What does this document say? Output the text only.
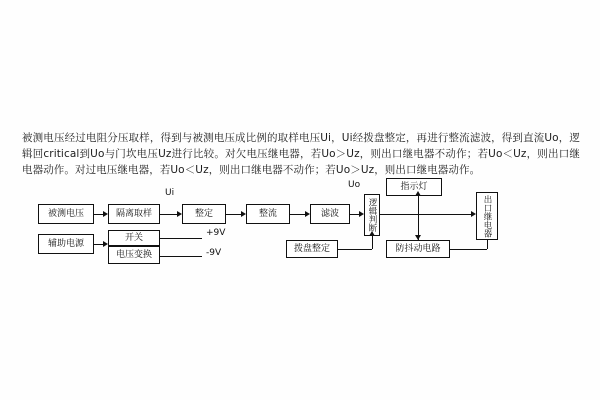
被测电压经过电阻分压取样，得到与被测电压成比例的取样电压Ui，Ui经拨盘整定，再进行整流滤波，得到直流Uo，逻辑回critical到Uo与门坎电压Uz进行比较。对欠电压继电器，若Uo＞Uz，则出口继电器不动作；若Uo＜Uz，则出口继电器动作。对过电压继电器，若Uo＜Uz，则出口继电器不动作；若Uo＞Uz，则出口继电器动作。

被测电压	隔离取样	整定	整流	滤波	逻辑判断	出口继电器
辅助电源
开关
电压变换
拨盘整定	防抖动电路
指示灯
Ui
Uo
+9V
-9V
